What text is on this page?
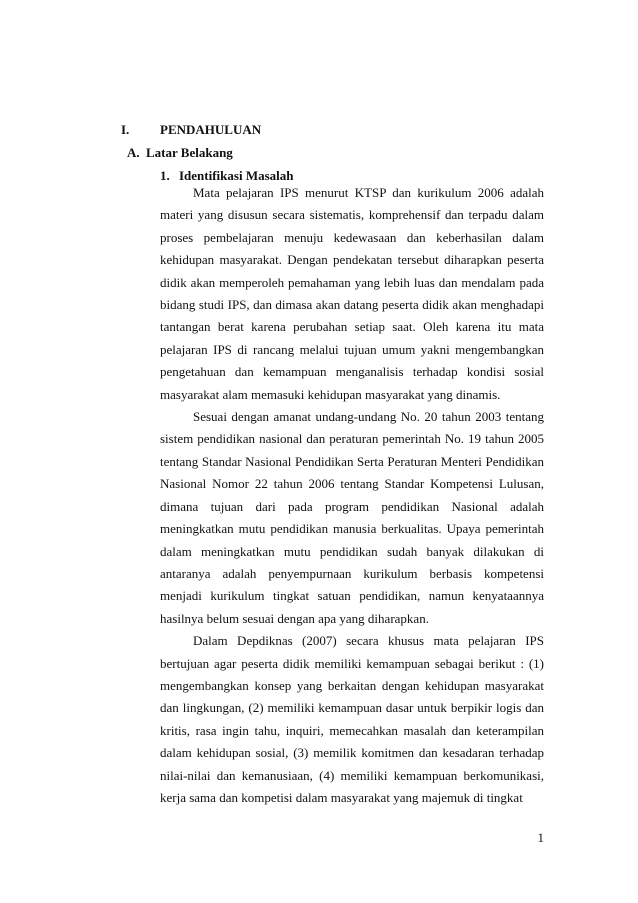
I. PENDAHULUAN
A. Latar Belakang
1. Identifikasi Masalah

Mata pelajaran IPS menurut KTSP dan kurikulum 2006 adalah materi yang disusun secara sistematis, komprehensif dan terpadu dalam proses pembelajaran menuju kedewasaan dan keberhasilan dalam kehidupan masyarakat. Dengan pendekatan tersebut diharapkan peserta didik akan memperoleh pemahaman yang lebih luas dan mendalam pada bidang studi IPS, dan dimasa akan datang peserta didik akan menghadapi tantangan berat karena perubahan setiap saat. Oleh karena itu mata pelajaran IPS di rancang melalui tujuan umum yakni mengembangkan pengetahuan dan kemampuan menganalisis terhadap kondisi sosial masyarakat alam memasuki kehidupan masyarakat yang dinamis.

Sesuai dengan amanat undang-undang No. 20 tahun 2003 tentang sistem pendidikan nasional dan peraturan pemerintah No. 19 tahun 2005 tentang Standar Nasional Pendidikan Serta Peraturan Menteri Pendidikan Nasional Nomor 22 tahun 2006 tentang Standar Kompetensi Lulusan, dimana tujuan dari pada program pendidikan Nasional adalah meningkatkan mutu pendidikan manusia berkualitas. Upaya pemerintah dalam meningkatkan mutu pendidikan sudah banyak dilakukan di antaranya adalah penyempurnaan kurikulum berbasis kompetensi menjadi kurikulum tingkat satuan pendidikan, namun kenyataannya hasilnya belum sesuai dengan apa yang diharapkan.

Dalam Depdiknas (2007) secara khusus mata pelajaran IPS bertujuan agar peserta didik memiliki kemampuan sebagai berikut : (1) mengembangkan konsep yang berkaitan dengan kehidupan masyarakat dan lingkungan, (2) memiliki kemampuan dasar untuk berpikir logis dan kritis, rasa ingin tahu, inquiri, memecahkan masalah dan keterampilan dalam kehidupan sosial, (3) memilik komitmen dan kesadaran terhadap nilai-nilai dan kemanusiaan, (4) memiliki kemampuan berkomunikasi, kerja sama dan kompetisi dalam masyarakat yang majemuk di tingkat

1
